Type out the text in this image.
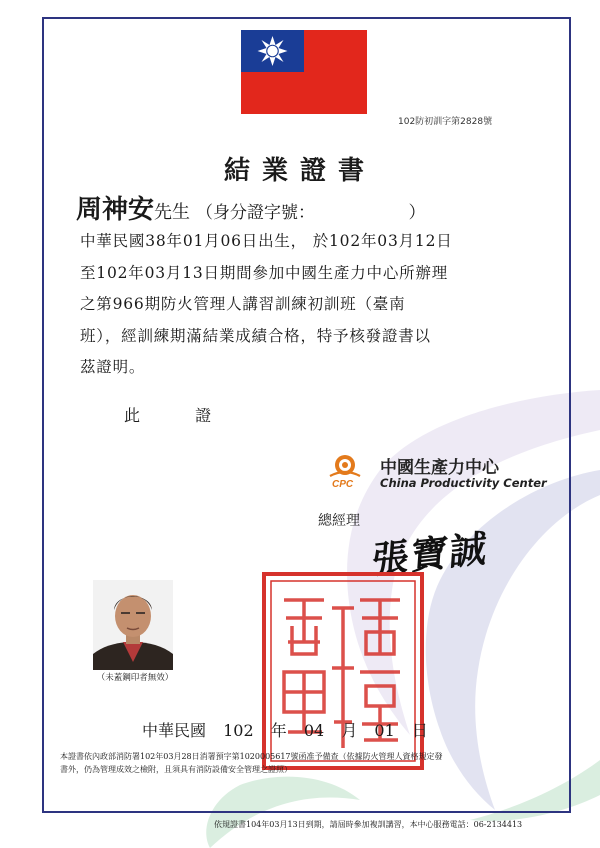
102防初訓字第2828號
結業證書
周神安先生 （身分證字號：　　　　　　）

中華民國38年01月06日出生， 於102年03月12日

至102年03月13日期間參加中國生產力中心所辦理

之第966期防火管理人講習訓練初訓班（臺南

班），經訓練期滿結業成績合格，特予核發證書以

茲證明。

此 證
CPC
中國生產力中心
China Productivity Center
總經理
張寶誠
（未蓋鋼印者無效）
中華民國 102 年 04 月 01 日

本證書依內政部消防署102年03月28日消署預字第1020005617號函准予備查（依據防火管理人資格規定發

書外，仍為管理成效之檢附，且須具有消防設備安全管理之證照）

依規證書104年03月13日到期，請屆時參加複訓講習，本中心服務電話：06-2134413
